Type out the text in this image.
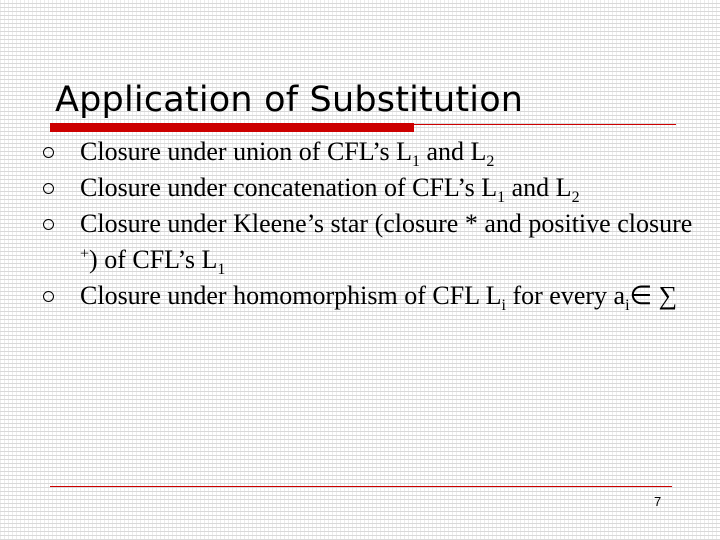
Application of Substitution
Closure under union of CFL’s $L_1$ and $L_2$
Closure under concatenation of CFL’s $L_1$ and $L_2$
Closure under Kleene’s star (closure * and positive closure +) of CFL’s $L_1$
Closure under homomorphism of CFL $L_i$ for every $a_i\in$ ∑
7
